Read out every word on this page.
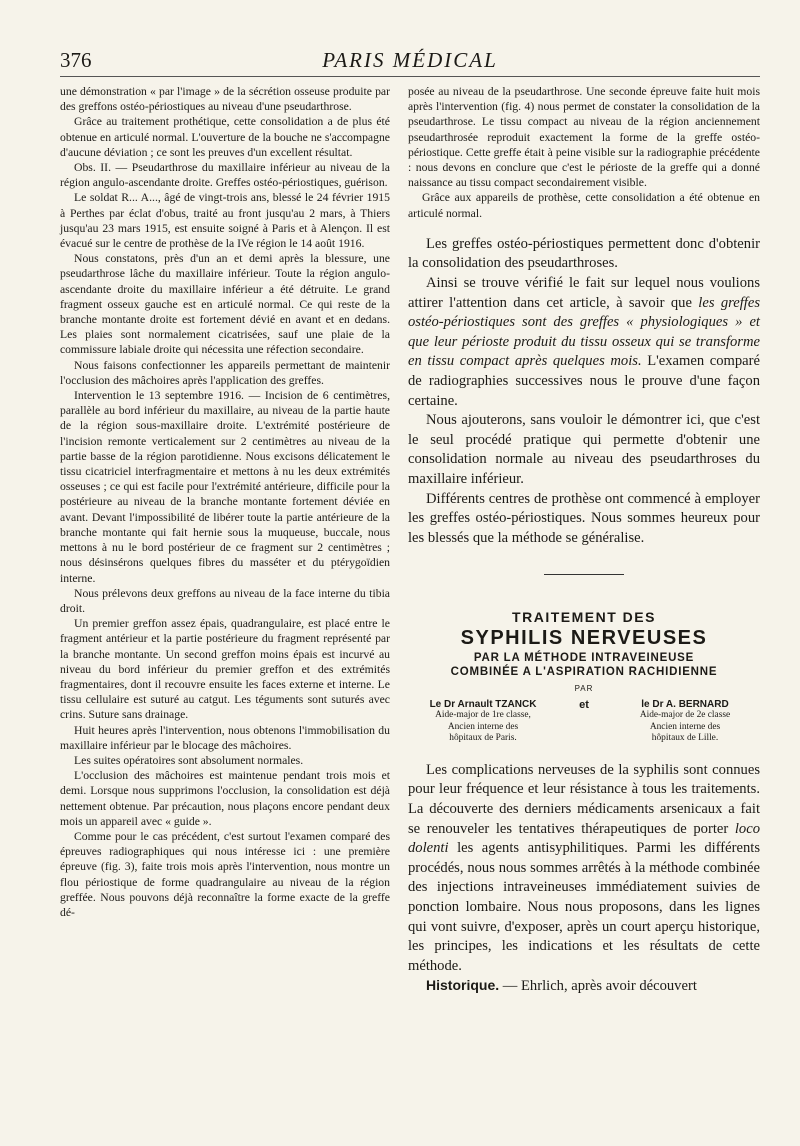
376	PARIS MÉDICAL

une démonstration « par l'image » de la sécrétion osseuse produite par des greffons ostéo-périostiques au niveau d'une pseudarthrose.

Grâce au traitement prothétique, cette consolidation a de plus été obtenue en articulé normal. L'ouverture de la bouche ne s'accompagne d'aucune déviation ; ce sont les preuves d'un excellent résultat.

Obs. II. — Pseudarthrose du maxillaire inférieur au niveau de la région angulo-ascendante droite. Greffes ostéo-périostiques, guérison.

Le soldat R... A..., âgé de vingt-trois ans, blessé le 24 février 1915 à Perthes par éclat d'obus, traité au front jusqu'au 2 mars, à Thiers jusqu'au 23 mars 1915, est ensuite soigné à Paris et à Alençon. Il est évacué sur le centre de prothèse de la IVe région le 14 août 1916.

Nous constatons, près d'un an et demi après la blessure, une pseudarthrose lâche du maxillaire inférieur. Toute la région angulo-ascendante droite du maxillaire inférieur a été détruite. Le grand fragment osseux gauche est en articulé normal. Ce qui reste de la branche montante droite est fortement dévié en avant et en dedans. Les plaies sont normalement cicatrisées, sauf une plaie de la commissure labiale droite qui nécessita une réfection secondaire.

Nous faisons confectionner les appareils permettant de maintenir l'occlusion des mâchoires après l'application des greffes.

Intervention le 13 septembre 1916. — Incision de 6 centimètres, parallèle au bord inférieur du maxillaire, au niveau de la partie haute de la région sous-maxillaire droite. L'extrémité postérieure de l'incision remonte verticalement sur 2 centimètres au niveau de la partie basse de la région parotidienne. Nous excisons délicatement le tissu cicatriciel interfragmentaire et mettons à nu les deux extrémités osseuses ; ce qui est facile pour l'extrémité antérieure, difficile pour la postérieure au niveau de la branche montante fortement déviée en avant. Devant l'impossibilité de libérer toute la partie antérieure de la branche montante qui fait hernie sous la muqueuse, buccale, nous mettons à nu le bord postérieur de ce fragment sur 2 centimètres ; nous désinsérons quelques fibres du masséter et du ptérygoïdien interne.

Nous prélevons deux greffons au niveau de la face interne du tibia droit.

Un premier greffon assez épais, quadrangulaire, est placé entre le fragment antérieur et la partie postérieure du fragment représenté par la branche montante. Un second greffon moins épais est incurvé au niveau du bord inférieur du premier greffon et des extrémités fragmentaires, dont il recouvre ensuite les faces externe et interne. Le tissu cellulaire est suturé au catgut. Les téguments sont suturés avec crins. Suture sans drainage.

Huit heures après l'intervention, nous obtenons l'immobilisation du maxillaire inférieur par le blocage des mâchoires.

Les suites opératoires sont absolument normales.

L'occlusion des mâchoires est maintenue pendant trois mois et demi. Lorsque nous supprimons l'occlusion, la consolidation est déjà nettement obtenue. Par précaution, nous plaçons encore pendant deux mois un appareil avec « guide ».

Comme pour le cas précédent, c'est surtout l'examen comparé des épreuves radiographiques qui nous intéresse ici : une première épreuve (fig. 3), faite trois mois après l'intervention, nous montre un flou périostique de forme quadrangulaire au niveau de la région greffée. Nous pouvons déjà reconnaître la forme exacte de la greffe dé-

posée au niveau de la pseudarthrose. Une seconde épreuve faite huit mois après l'intervention (fig. 4) nous permet de constater la consolidation de la pseudarthrose. Le tissu compact au niveau de la région anciennement pseudarthrosée reproduit exactement la forme de la greffe ostéo-périostique. Cette greffe était à peine visible sur la radiographie précédente : nous devons en conclure que c'est le périoste de la greffe qui a donné naissance au tissu compact secondairement visible.

Grâce aux appareils de prothèse, cette consolidation a été obtenue en articulé normal.

Les greffes ostéo-périostiques permettent donc d'obtenir la consolidation des pseudarthroses.

Ainsi se trouve vérifié le fait sur lequel nous voulions attirer l'attention dans cet article, à savoir que les greffes ostéo-périostiques sont des greffes « physiologiques » et que leur périoste produit du tissu osseux qui se transforme en tissu compact après quelques mois. L'examen comparé de radiographies successives nous le prouve d'une façon certaine.

Nous ajouterons, sans vouloir le démontrer ici, que c'est le seul procédé pratique qui permette d'obtenir une consolidation normale au niveau des pseudarthroses du maxillaire inférieur.

Différents centres de prothèse ont commencé à employer les greffes ostéo-périostiques. Nous sommes heureux pour les blessés que la méthode se généralise.

TRAITEMENT DES
SYPHILIS NERVEUSES
PAR LA MÉTHODE INTRAVEINEUSE
COMBINÉE A L'ASPIRATION RACHIDIENNE
PAR
Le Dr Arnault TZANCK
Aide-major de 1re classe,
Ancien interne des
hôpitaux de Paris.
et	le Dr A. BERNARD
Aide-major de 2e classe
Ancien interne des
hôpitaux de Lille.

Les complications nerveuses de la syphilis sont connues pour leur fréquence et leur résistance à tous les traitements. La découverte des derniers médicaments arsenicaux a fait se renouveler les tentatives thérapeutiques de porter loco dolenti les agents antisyphilitiques. Parmi les différents procédés, nous nous sommes arrêtés à la méthode combinée des injections intraveineuses immédiatement suivies de ponction lombaire. Nous nous proposons, dans les lignes qui vont suivre, d'exposer, après un court aperçu historique, les principes, les indications et les résultats de cette méthode.

Historique. — Ehrlich, après avoir découvert
